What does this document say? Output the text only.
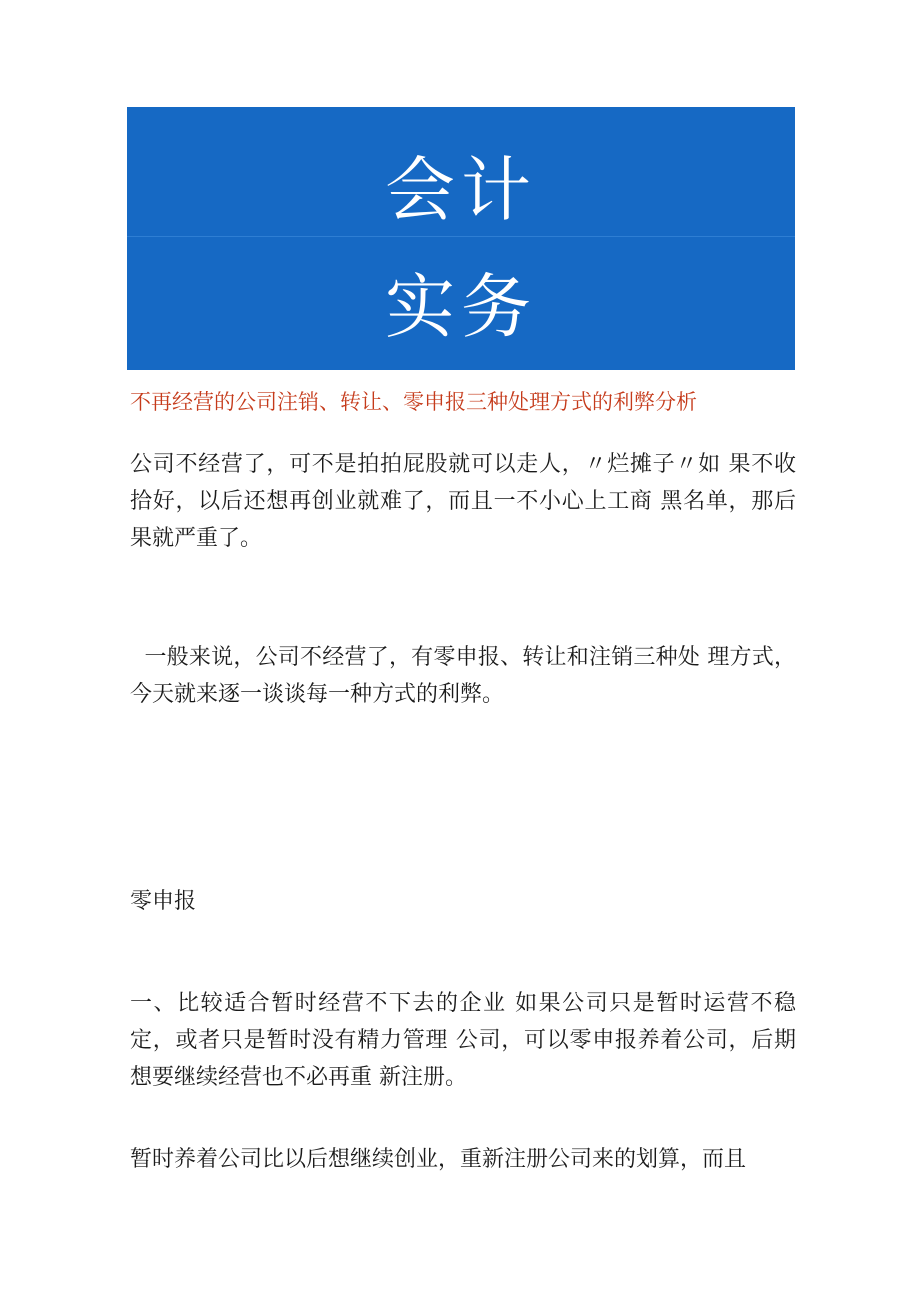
会计
实务
不再经营的公司注销、转让、零申报三种处理方式的利弊分析

公司不经营了，可不是拍拍屁股就可以走人，〃烂摊子〃如 果不收拾好，以后还想再创业就难了，而且一不小心上工商 黑名单，那后果就严重了。

一般来说，公司不经营了，有零申报、转让和注销三种处 理方式，今天就来逐一谈谈每一种方式的利弊。

零申报

一、比较适合暂时经营不下去的企业 如果公司只是暂时运营不稳定，或者只是暂时没有精力管理 公司，可以零申报养着公司，后期想要继续经营也不必再重 新注册。

暂时养着公司比以后想继续创业，重新注册公司来的划算，而且
